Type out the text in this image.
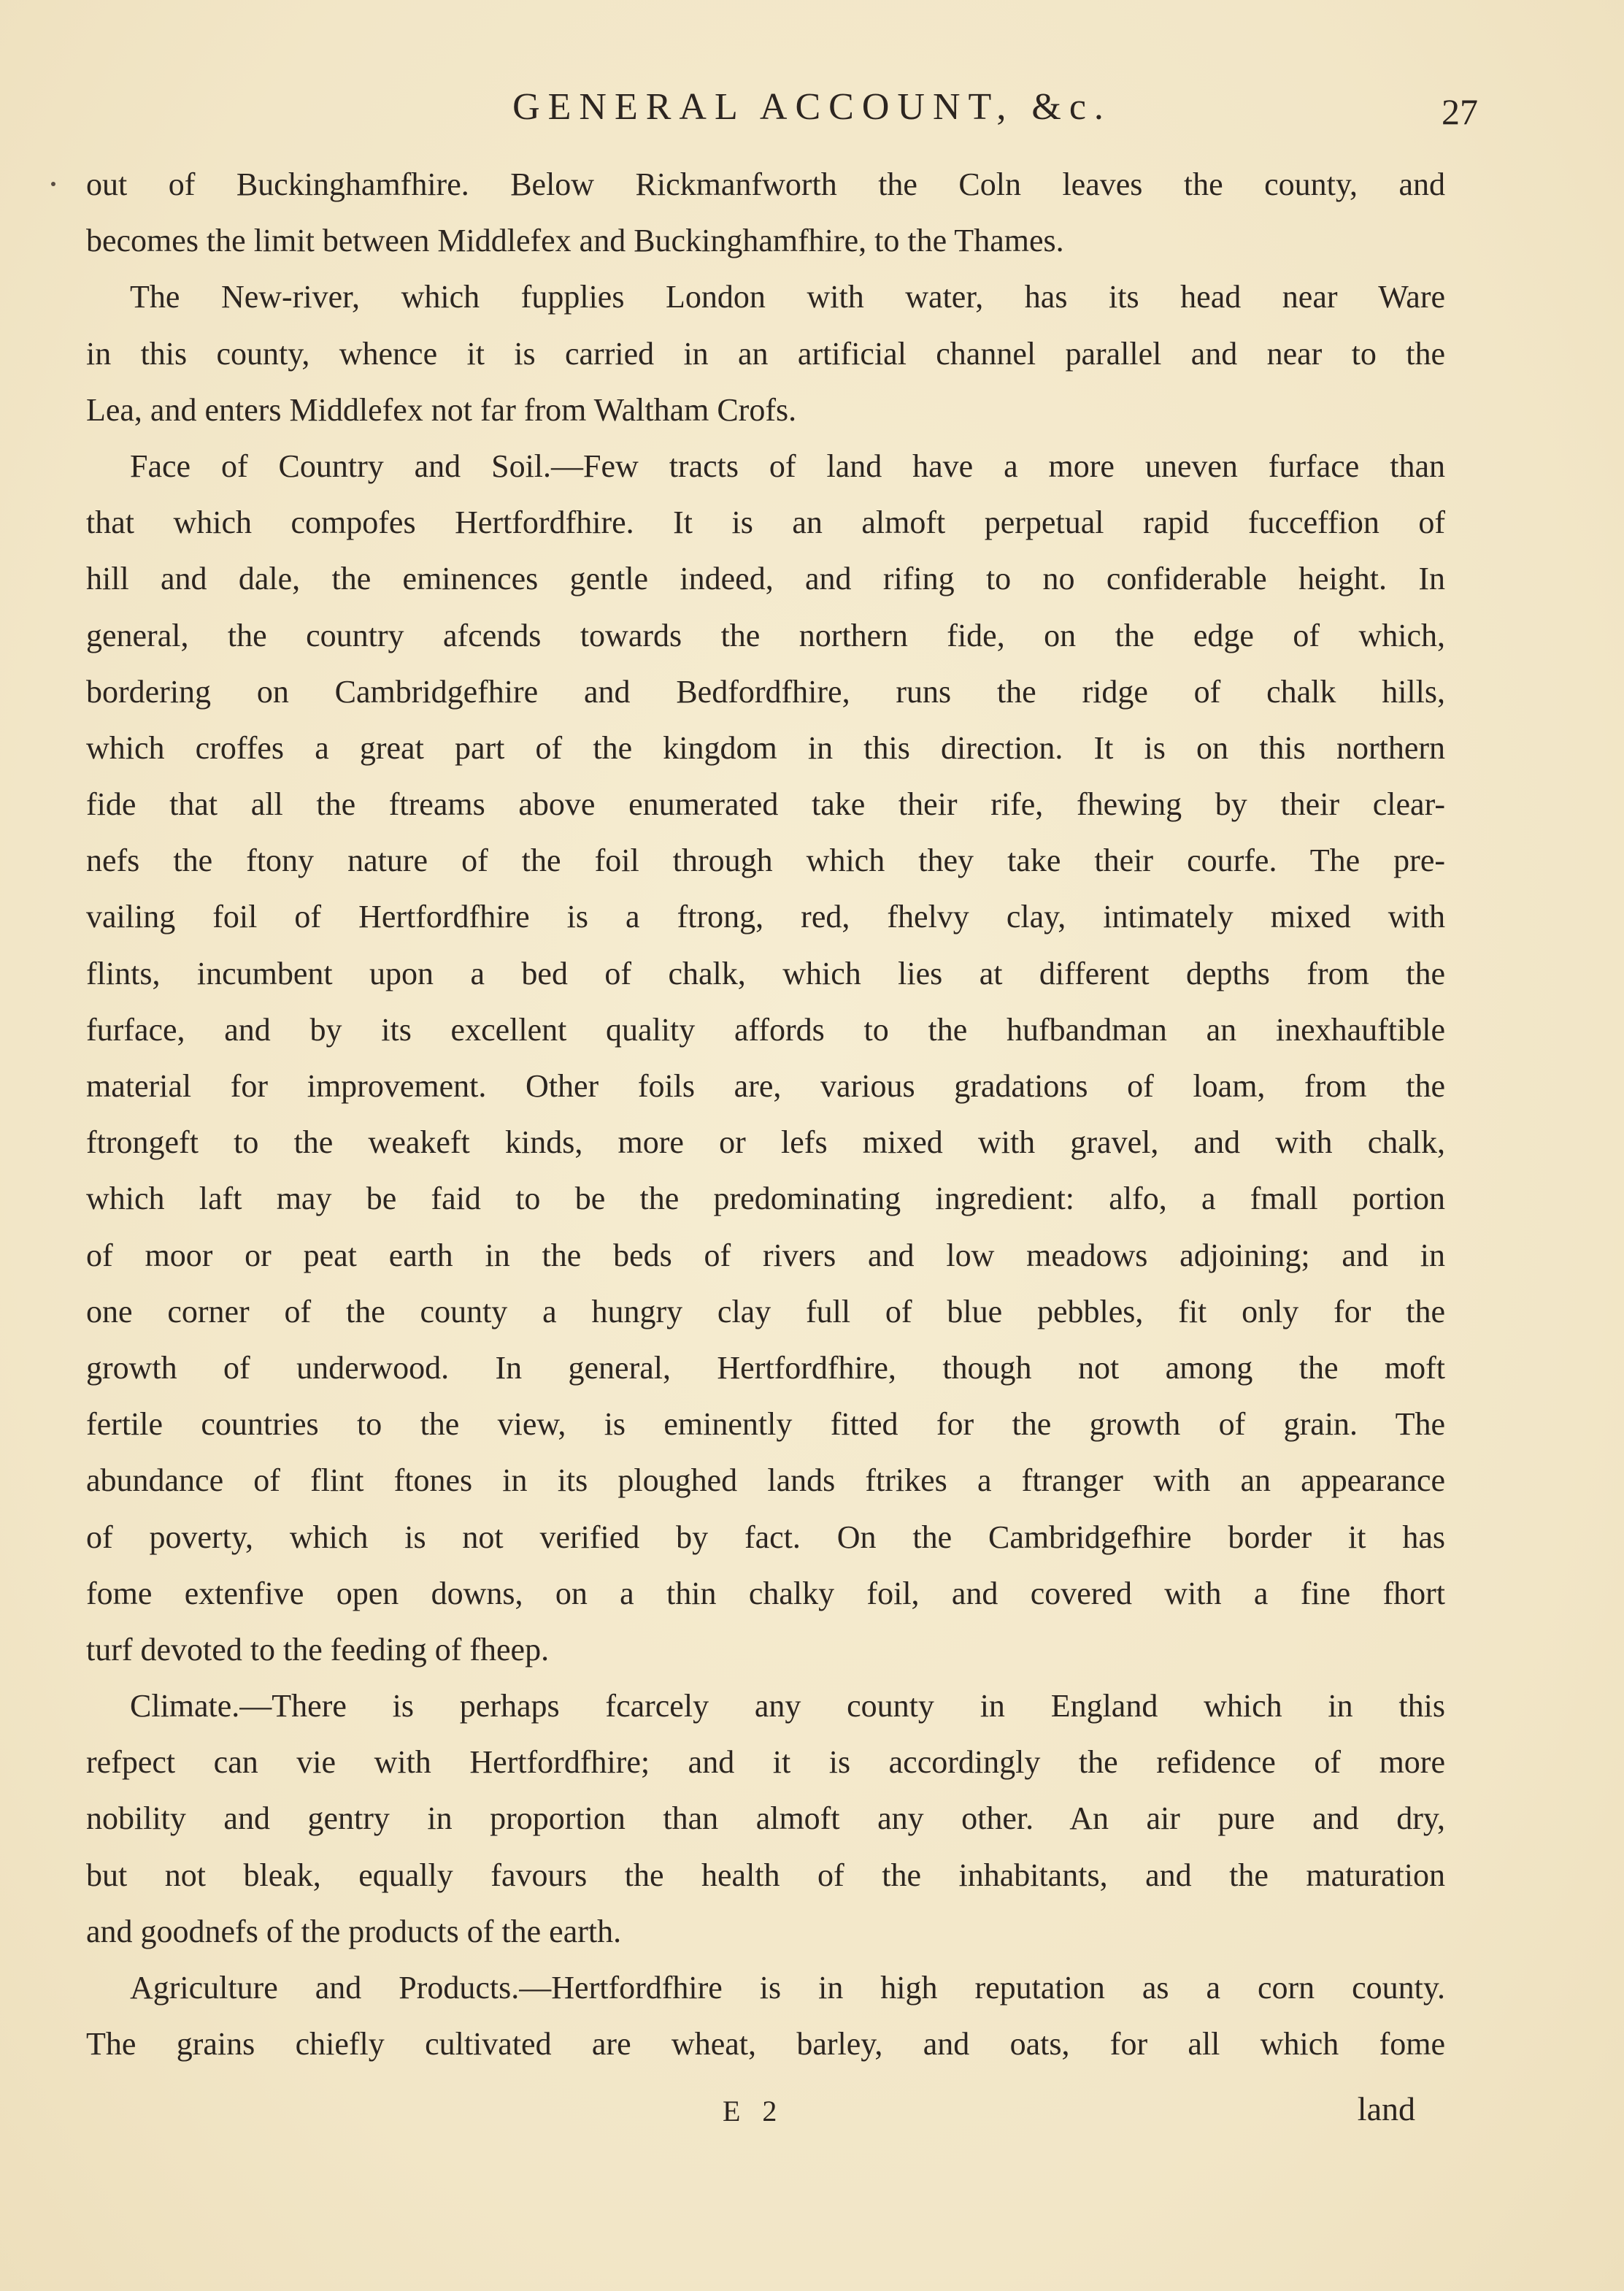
GENERAL ACCOUNT, &c.	27
out of Buckinghamfhire. Below Rickmanfworth the Coln leaves the county, and
becomes the limit between Middlefex and Buckinghamfhire, to the Thames.
The New-river, which fupplies London with water, has its head near Ware
in this county, whence it is carried in an artificial channel parallel and near to the
Lea, and enters Middlefex not far from Waltham Crofs.
Face of Country and Soil.—Few tracts of land have a more uneven furface than
that which compofes Hertfordfhire. It is an almoft perpetual rapid fucceffion of
hill and dale, the eminences gentle indeed, and rifing to no confiderable height. In
general, the country afcends towards the northern fide, on the edge of which,
bordering on Cambridgefhire and Bedfordfhire, runs the ridge of chalk hills,
which croffes a great part of the kingdom in this direction. It is on this northern
fide that all the ftreams above enumerated take their rife, fhewing by their clear-
nefs the ftony nature of the foil through which they take their courfe. The pre-
vailing foil of Hertfordfhire is a ftrong, red, fhelvy clay, intimately mixed with
flints, incumbent upon a bed of chalk, which lies at different depths from the
furface, and by its excellent quality affords to the hufbandman an inexhauftible
material for improvement. Other foils are, various gradations of loam, from the
ftrongeft to the weakeft kinds, more or lefs mixed with gravel, and with chalk,
which laft may be faid to be the predominating ingredient: alfo, a fmall portion
of moor or peat earth in the beds of rivers and low meadows adjoining; and in
one corner of the county a hungry clay full of blue pebbles, fit only for the
growth of underwood. In general, Hertfordfhire, though not among the moft
fertile countries to the view, is eminently fitted for the growth of grain. The
abundance of flint ftones in its ploughed lands ftrikes a ftranger with an appearance
of poverty, which is not verified by fact. On the Cambridgefhire border it has
fome extenfive open downs, on a thin chalky foil, and covered with a fine fhort
turf devoted to the feeding of fheep.
Climate.—There is perhaps fcarcely any county in England which in this
refpect can vie with Hertfordfhire; and it is accordingly the refidence of more
nobility and gentry in proportion than almoft any other. An air pure and dry,
but not bleak, equally favours the health of the inhabitants, and the maturation
and goodnefs of the products of the earth.
Agriculture and Products.—Hertfordfhire is in high reputation as a corn county.
The grains chiefly cultivated are wheat, barley, and oats, for all which fome
E 2	land
